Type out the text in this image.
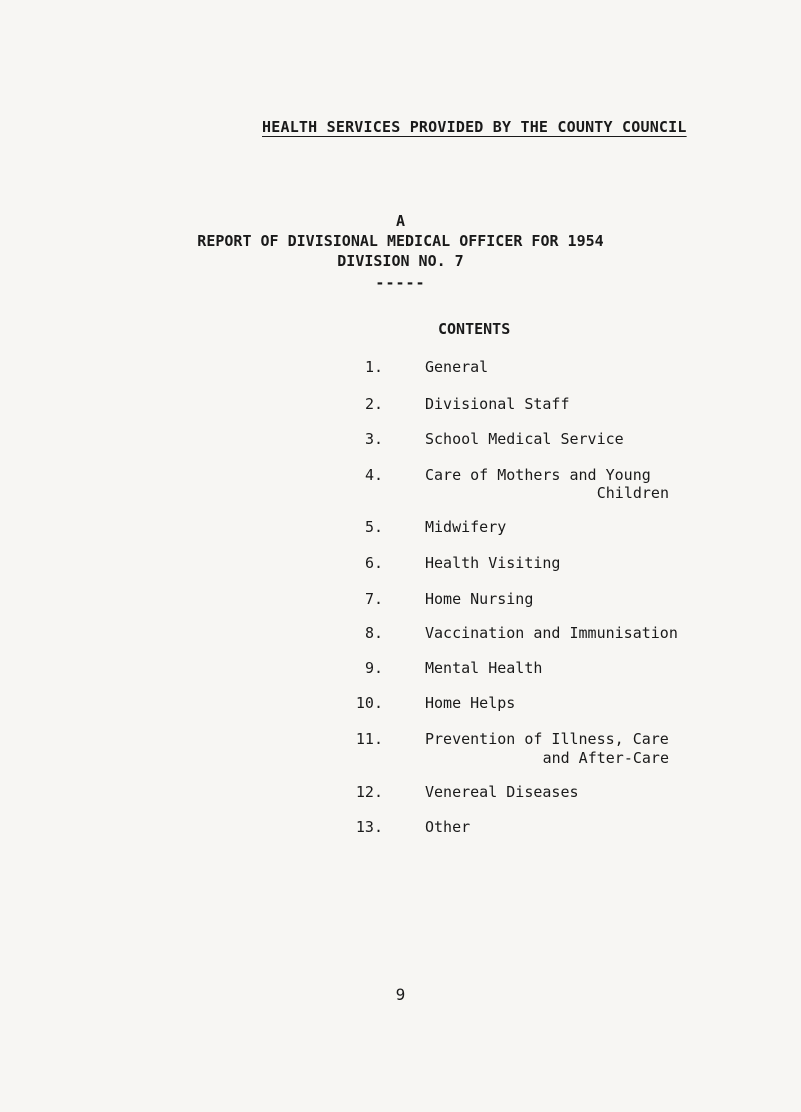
HEALTH SERVICES PROVIDED BY THE COUNTY COUNCIL
A
REPORT OF DIVISIONAL MEDICAL OFFICER FOR 1954
DIVISION NO. 7
-----
CONTENTS
1.	General
2.	Divisional Staff
3.	School Medical Service
4.	Care of Mothers and Young
Children
5.	Midwifery
6.	Health Visiting
7.	Home Nursing
8.	Vaccination and Immunisation
9.	Mental Health
10.	Home Helps
11.	Prevention of Illness, Care
and After-Care
12.	Venereal Diseases
13.	Other
9
